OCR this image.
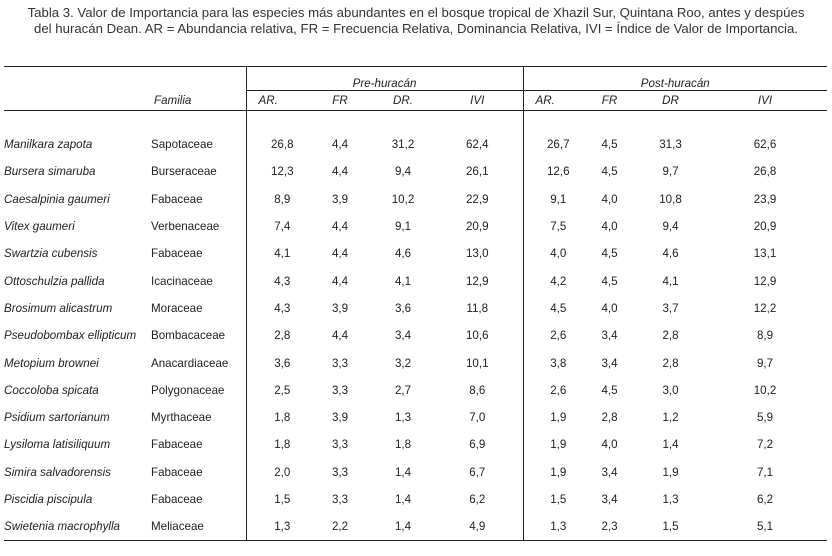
Tabla 3. Valor de Importancia para las especies más abundantes en el bosque tropical de Xhazil Sur, Quintana Roo, antes y despúes
del huracán Dean. AR = Abundancia relativa, FR = Frecuencia Relativa, Dominancia Relativa, IVI = Índice de Valor de Importancia.

		Pre-huracán				Post-huracán			
	Familia	AR.	FR	DR.	IVI	AR.	FR	DR	IVI
Manilkara zapota	Sapotaceae	26,8	4,4	31,2	62,4	26,7	4,5	31,3	62,6
Bursera simaruba	Burseraceae	12,3	4,4	9,4	26,1	12,6	4,5	9,7	26,8
Caesalpinia gaumeri	Fabaceae	8,9	3,9	10,2	22,9	9,1	4,0	10,8	23,9
Vitex gaumeri	Verbenaceae	7,4	4,4	9,1	20,9	7,5	4,0	9,4	20,9
Swartzia cubensis	Fabaceae	4,1	4,4	4,6	13,0	4,0	4,5	4,6	13,1
Ottoschulzia pallida	Icacinaceae	4,3	4,4	4,1	12,9	4,2	4,5	4,1	12,9
Brosimum alicastrum	Moraceae	4,3	3,9	3,6	11,8	4,5	4,0	3,7	12,2
Pseudobombax ellipticum	Bombacaceae	2,8	4,4	3,4	10,6	2,6	3,4	2,8	8,9
Metopium brownei	Anacardiaceae	3,6	3,3	3,2	10,1	3,8	3,4	2,8	9,7
Coccoloba spicata	Polygonaceae	2,5	3,3	2,7	8,6	2,6	4,5	3,0	10,2
Psidium sartorianum	Myrthaceae	1,8	3,9	1,3	7,0	1,9	2,8	1,2	5,9
Lysiloma latisiliquum	Fabaceae	1,8	3,3	1,8	6,9	1,9	4,0	1,4	7,2
Simira salvadorensis	Fabaceae	2,0	3,3	1,4	6,7	1,9	3,4	1,9	7,1
Piscidia piscipula	Fabaceae	1,5	3,3	1,4	6,2	1,5	3,4	1,3	6,2
Swietenia macrophylla	Meliaceae	1,3	2,2	1,4	4,9	1,3	2,3	1,5	5,1
